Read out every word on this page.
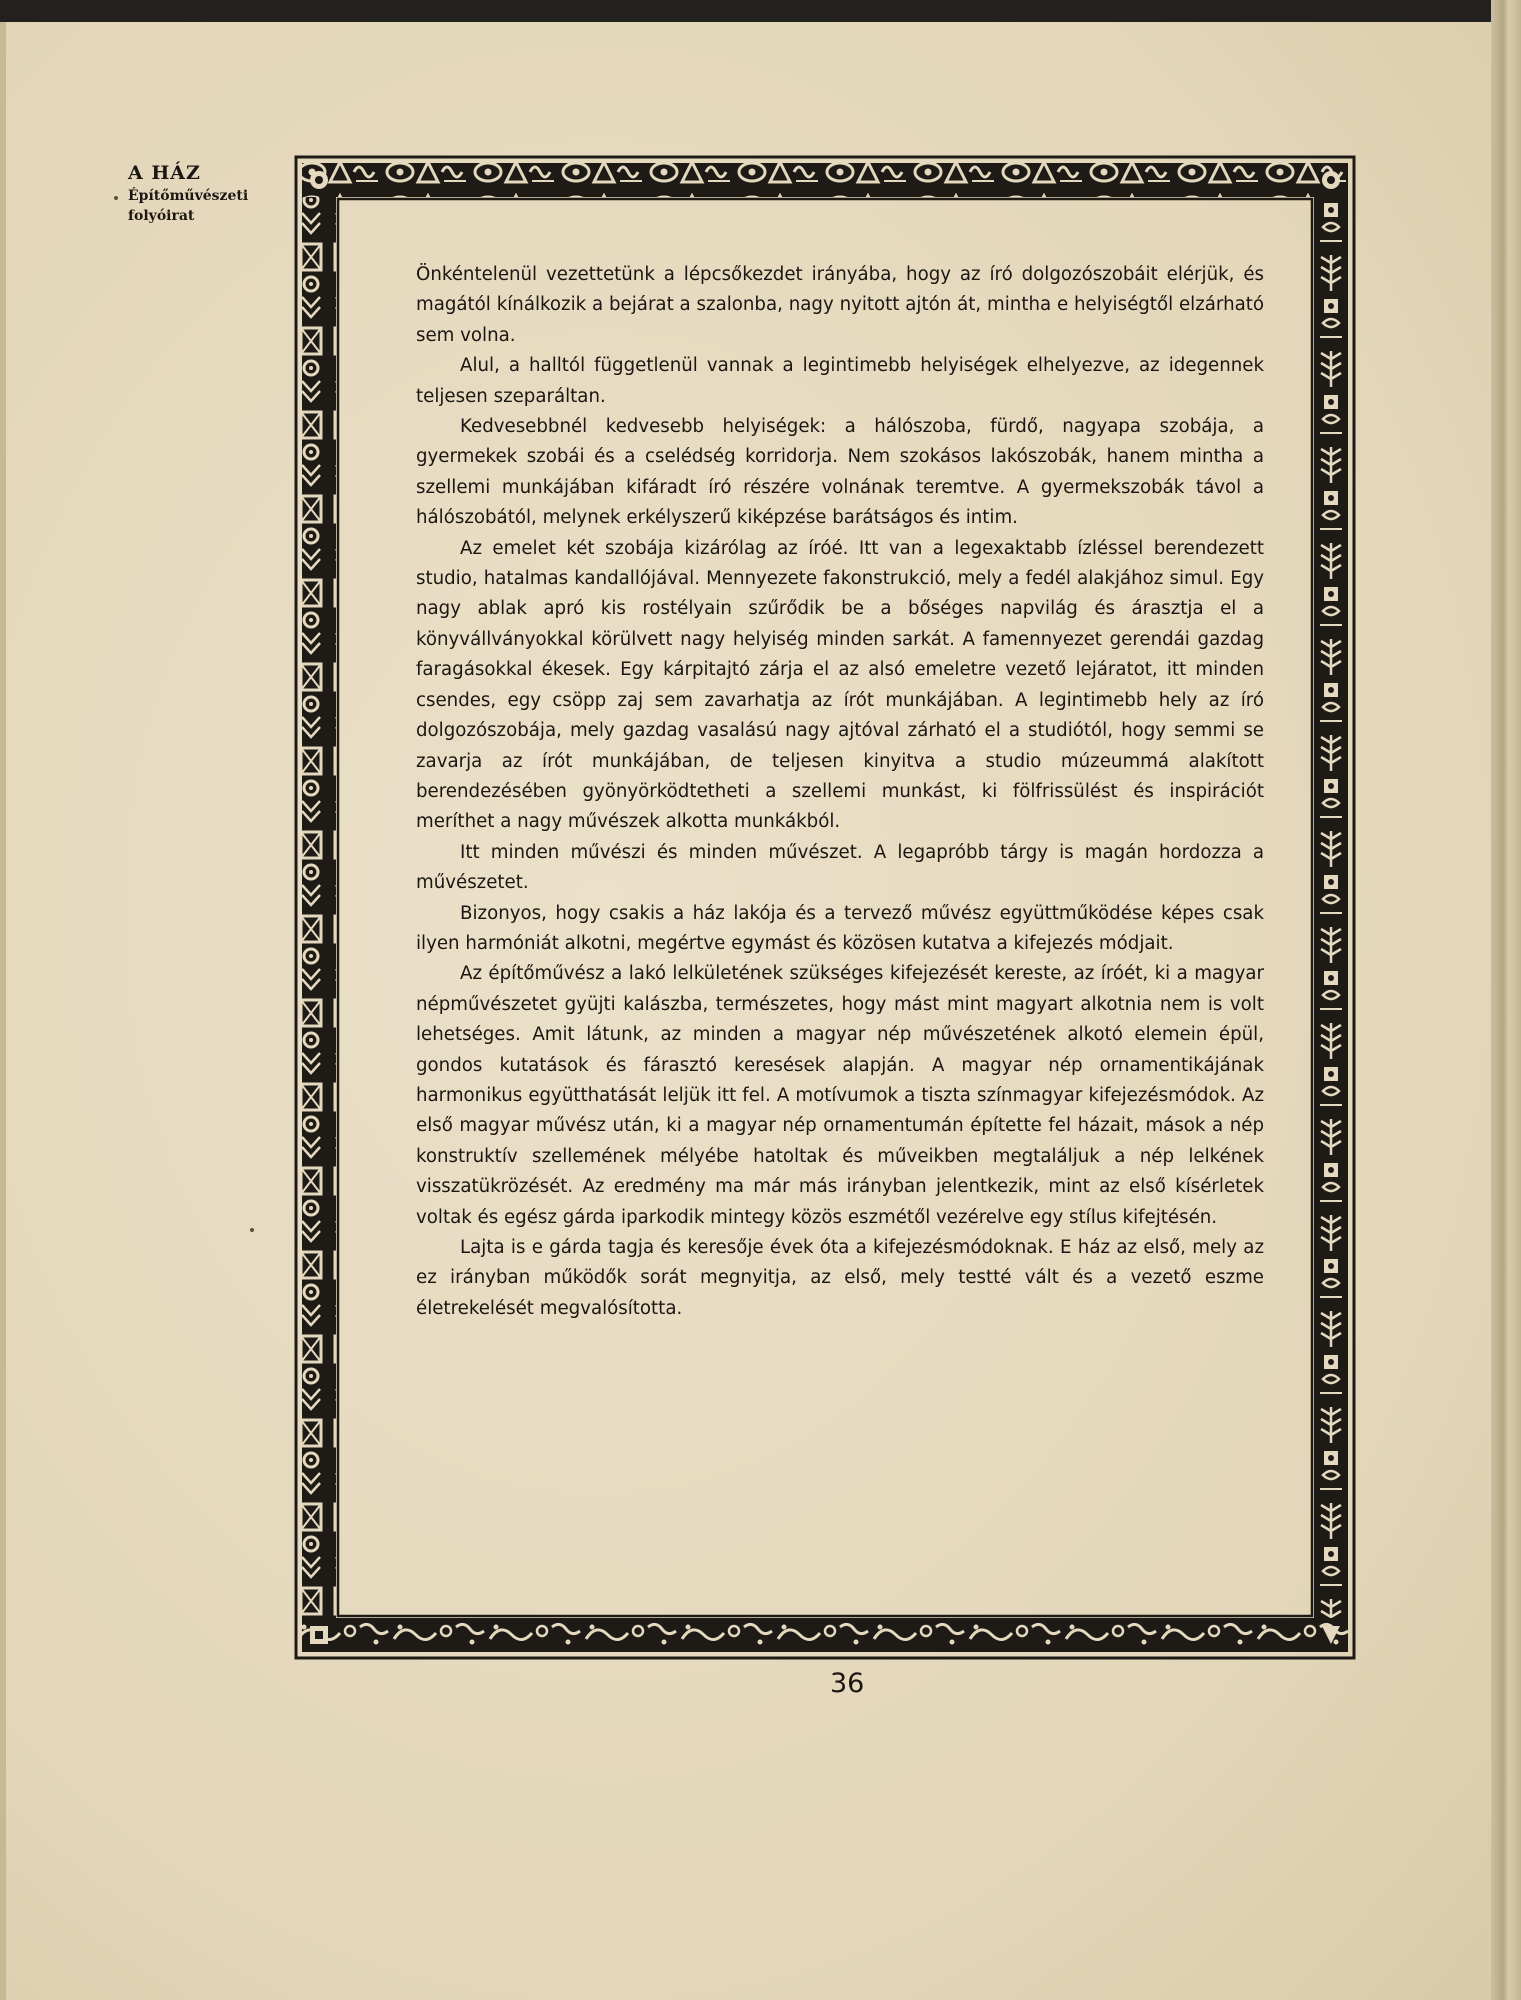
A HÁZ

Építőművészeti

folyóirat

Önkéntelenül vezettetünk a lépcsőkezdet irányába, hogy az író dolgozószobáit elérjük, és magától kínálkozik a bejárat a szalonba, nagy nyitott ajtón át, mintha e helyiségtől elzárható sem volna.

Alul, a halltól függetlenül vannak a legintimebb helyiségek elhelyezve, az idegennek teljesen szeparáltan.

Kedvesebbnél kedvesebb helyiségek: a hálószoba, fürdő, nagyapa szobája, a gyermekek szobái és a cselédség korridorja. Nem szokásos lakószobák, hanem mintha a szellemi munkájában kifáradt író részére volnának teremtve. A gyermekszobák távol a hálószobától, melynek erkélyszerű kiképzése barátságos és intim.

Az emelet két szobája kizárólag az íróé. Itt van a legexaktabb ízléssel berendezett studio, hatalmas kandallójával. Mennyezete fakonstrukció, mely a fedél alakjához simul. Egy nagy ablak apró kis rostélyain szűrődik be a bőséges napvilág és árasztja el a könyvállványokkal körülvett nagy helyiség minden sarkát. A famennyezet gerendái gazdag faragásokkal ékesek. Egy kárpitajtó zárja el az alsó emeletre vezető lejáratot, itt minden csendes, egy csöpp zaj sem zavarhatja az írót munkájában. A legintimebb hely az író dolgozószobája, mely gazdag vasalású nagy ajtóval zárható el a studiótól, hogy semmi se zavarja az írót munkájában, de teljesen kinyitva a studio múzeummá alakított berendezésében gyönyörködtetheti a szellemi munkást, ki fölfrissülést és inspirációt meríthet a nagy művészek alkotta munkákból.

Itt minden művészi és minden művészet. A legapróbb tárgy is magán hordozza a művészetet.

Bizonyos, hogy csakis a ház lakója és a tervező művész együttműködése képes csak ilyen harmóniát alkotni, megértve egymást és közösen kutatva a kifejezés módjait.

Az építőművész a lakó lelkületének szükséges kifejezését kereste, az íróét, ki a magyar népművészetet gyüjti kalászba, természetes, hogy mást mint magyart alkotnia nem is volt lehetséges. Amit látunk, az minden a magyar nép művészetének alkotó elemein épül, gondos kutatások és fárasztó keresések alapján. A magyar nép ornamentikájának harmonikus együtthatását leljük itt fel. A motívumok a tiszta színmagyar kifejezésmódok. Az első magyar művész után, ki a magyar nép ornamentumán építette fel házait, mások a nép konstruktív szellemének mélyébe hatoltak és műveikben megtaláljuk a nép lelkének visszatükrözését. Az eredmény ma már más irányban jelentkezik, mint az első kísérletek voltak és egész gárda iparkodik mintegy közös eszmétől vezérelve egy stílus kifejtésén.

Lajta is e gárda tagja és keresője évek óta a kifejezésmódoknak. E ház az első, mely az ez irányban működők sorát megnyitja, az első, mely testté vált és a vezető eszme életrekelését megvalósította.

36
